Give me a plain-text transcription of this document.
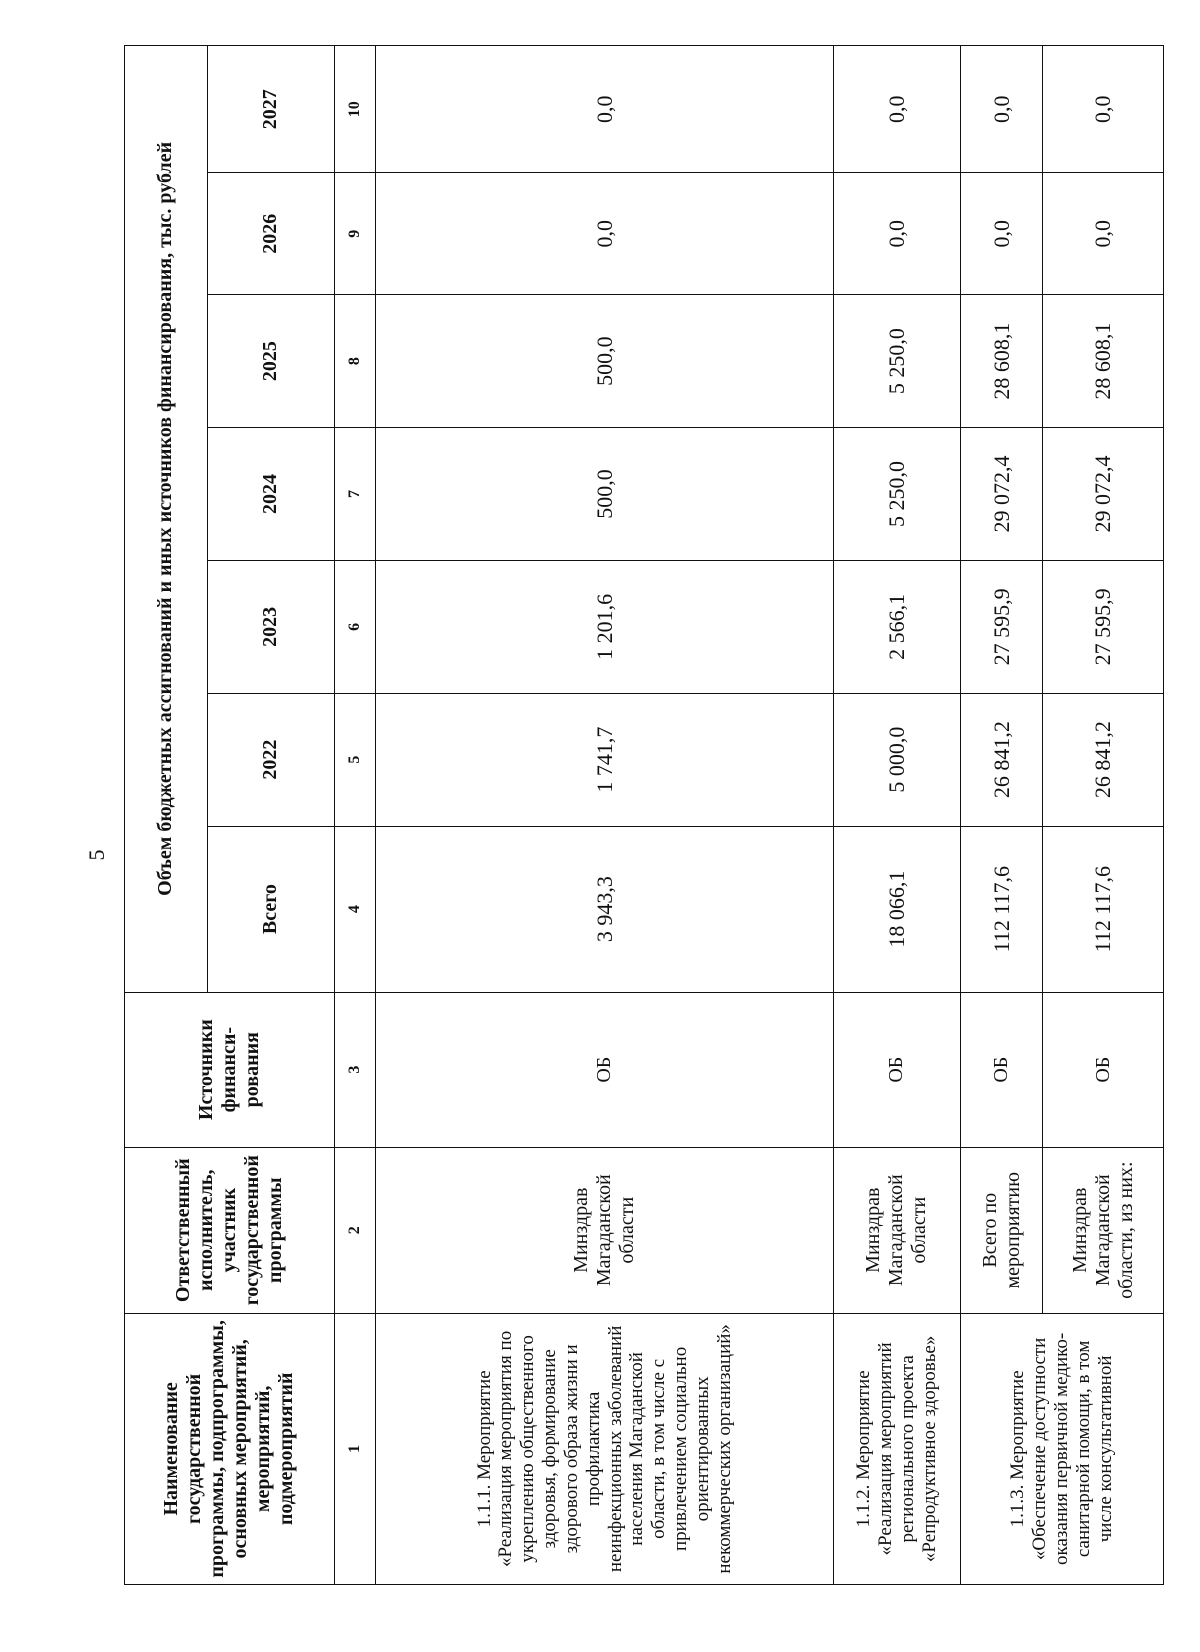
5
Наименование государственной программы, подпрограммы, основных мероприятий, мероприятий, подмероприятий	Ответственный исполнитель, участник государственной программы	Источники финанси-рования	Объем бюджетных ассигнований и иных источников финансирования, тыс. рублей						
			Всего	2022	2023	2024	2025	2026	2027
1	2	3	4	5	6	7	8	9	10
1.1.1. Мероприятие «Реализация мероприятия по укреплению общественного здоровья, формирование здорового образа жизни и профилактика неинфекционных заболеваний населения Магаданской области, в том числе с привлечением социально ориентированных некоммерческих организаций»	Минздрав Магаданской области	ОБ	3 943,3	1 741,7	1 201,6	500,0	500,0	0,0	0,0
1.1.2. Мероприятие «Реализация мероприятий регионального проекта «Репродуктивное здоровье»	Минздрав Магаданской области	ОБ	18 066,1	5 000,0	2 566,1	5 250,0	5 250,0	0,0	0,0
1.1.3. Мероприятие «Обеспечение доступности оказания первичной медико-санитарной помощи, в том числе консультативной	Всего по мероприятию	ОБ	112 117,6	26 841,2	27 595,9	29 072,4	28 608,1	0,0	0,0
	Минздрав Магаданской области, из них:	ОБ	112 117,6	26 841,2	27 595,9	29 072,4	28 608,1	0,0	0,0
